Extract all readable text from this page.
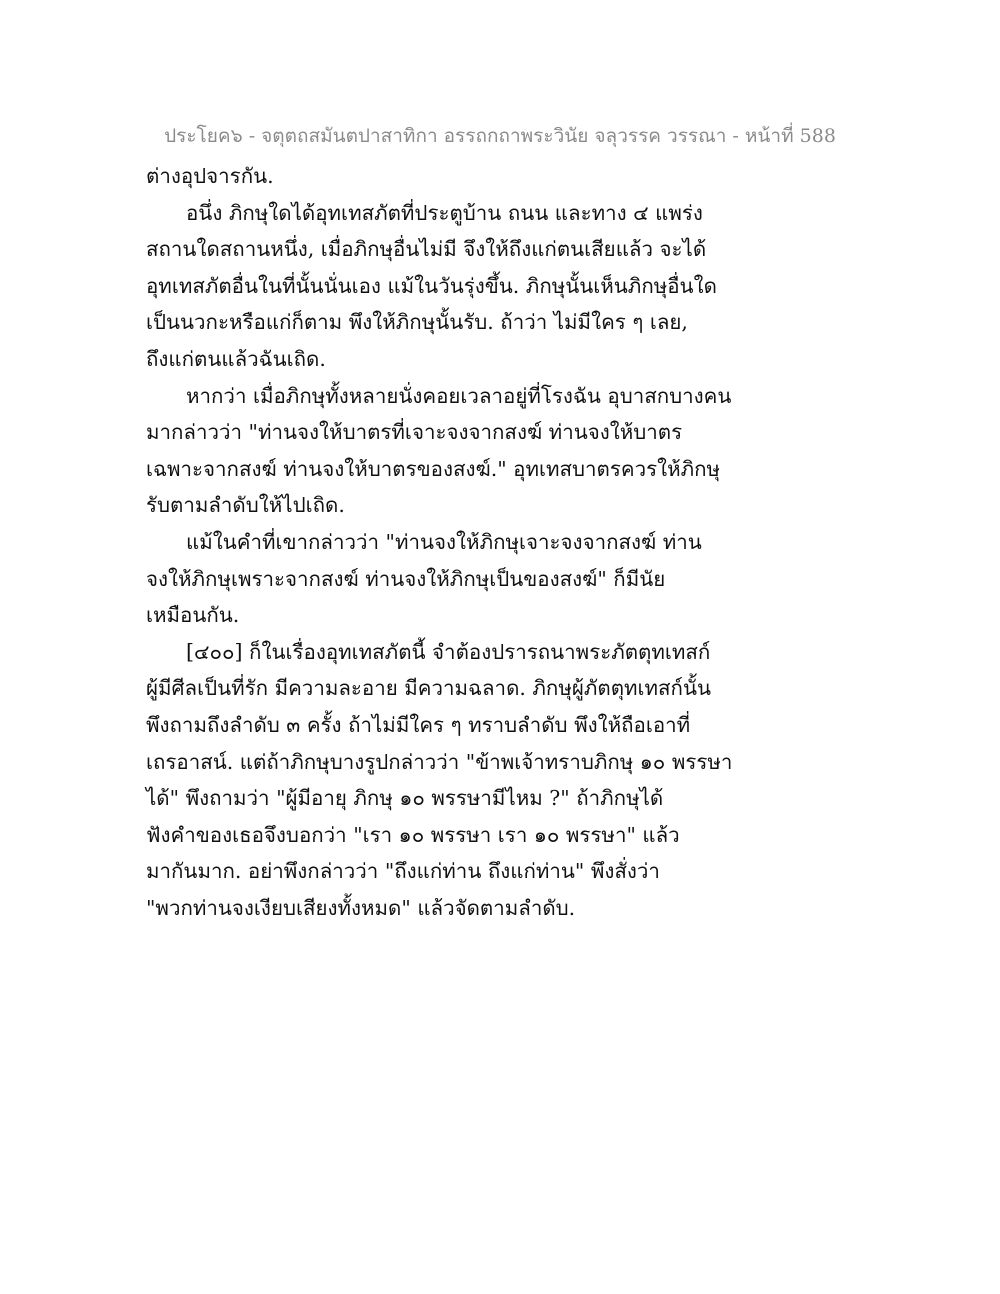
ประโยค๖ - จตุตถสมันตปาสาทิกา อรรถกถาพระวินัย จลุวรรค วรรณา - หน้าที่ 588
ต่างอุปจารกัน.
อนึ่ง ภิกษุใดได้อุทเทสภัตที่ประตูบ้าน ถนน และทาง ๔ แพร่ง
สถานใดสถานหนึ่ง, เมื่อภิกษุอื่นไม่มี จึงให้ถึงแก่ตนเสียแล้ว จะได้
อุทเทสภัตอื่นในที่นั้นนั่นเอง แม้ในวันรุ่งขึ้น. ภิกษุนั้นเห็นภิกษุอื่นใด
เป็นนวกะหรือแก่ก็ตาม พึงให้ภิกษุนั้นรับ. ถ้าว่า ไม่มีใคร ๆ เลย,
ถึงแก่ตนแล้วฉันเถิด.
หากว่า เมื่อภิกษุทั้งหลายนั่งคอยเวลาอยู่ที่โรงฉัน อุบาสกบางคน
มากล่าวว่า "ท่านจงให้บาตรที่เจาะจงจากสงฆ์ ท่านจงให้บาตร
เฉพาะจากสงฆ์ ท่านจงให้บาตรของสงฆ์." อุทเทสบาตรควรให้ภิกษุ
รับตามลำดับให้ไปเถิด.
แม้ในคำที่เขากล่าวว่า "ท่านจงให้ภิกษุเจาะจงจากสงฆ์ ท่าน
จงให้ภิกษุเพราะจากสงฆ์ ท่านจงให้ภิกษุเป็นของสงฆ์" ก็มีนัย
เหมือนกัน.
[๔๐๐] ก็ในเรื่องอุทเทสภัตนี้ จำต้องปรารถนาพระภัตตุทเทสก์
ผู้มีศีลเป็นที่รัก มีความละอาย มีความฉลาด. ภิกษุผู้ภัตตุทเทสก์นั้น
พึงถามถึงลำดับ ๓ ครั้ง ถ้าไม่มีใคร ๆ ทราบลำดับ พึงให้ถือเอาที่
เถรอาสน์. แต่ถ้าภิกษุบางรูปกล่าวว่า "ข้าพเจ้าทราบภิกษุ ๑๐ พรรษา
ได้" พึงถามว่า "ผู้มีอายุ ภิกษุ ๑๐ พรรษามีไหม ?" ถ้าภิกษุได้
ฟังคำของเธอจึงบอกว่า "เรา ๑๐ พรรษา เรา ๑๐ พรรษา" แล้ว
มากันมาก. อย่าพึงกล่าวว่า "ถึงแก่ท่าน ถึงแก่ท่าน" พึงสั่งว่า
"พวกท่านจงเงียบเสียงทั้งหมด" แล้วจัดตามลำดับ.
